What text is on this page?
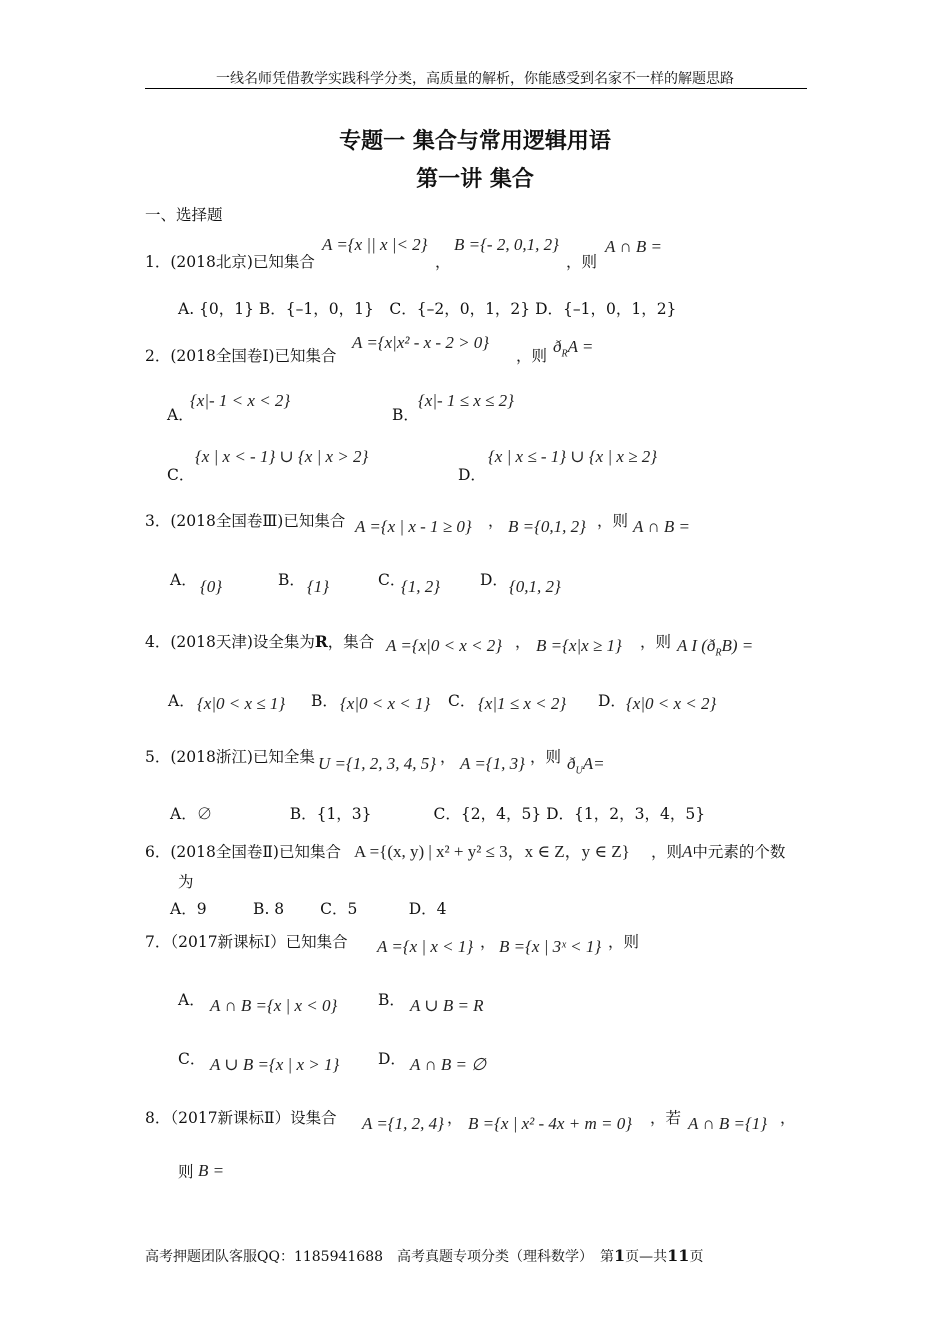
一线名师凭借教学实践科学分类，高质量的解析，你能感受到名家不一样的解题思路
专题一 集合与常用逻辑用语
第一讲 集合
一、选择题
1．(2018北京)已知集合
A ={x || x |< 2}
，
B ={- 2, 0,1, 2}
，则
A ∩ B =
A. {0，1} B．{–1，0，1}　C．{–2，0，1，2} D．{–1，0，1，2}
2．(2018全国卷Ⅰ)已知集合
A ={x|x² - x - 2 > 0}
，则 $ð_RA$ =
A．
{x|- 1 < x < 2}
B．
{x|- 1 ≤ x ≤ 2}
C．
{x | x < - 1} ∪ {x | x > 2}
D．
{x | x ≤ - 1} ∪ {x | x ≥ 2}
3．(2018全国卷Ⅲ)已知集合 A ={x | x - 1 ≥ 0} ， B ={0,1, 2} ，则 A ∩ B =
A． {0}	B． {1}	C．
{1, 2}	D． {0,1, 2}
4．(2018天津)设全集为R，集合 A ={x|0 < x < 2} ， B ={x|x ≥ 1} ，则 A I $(ð_RB)$ =
A． {x|0 < x ≤ 1} B． {x|0 < x < 1} C． {x|1 ≤ x < 2} D． {x|0 < x < 2}
5．(2018浙江)已知全集 U ={1, 2, 3, 4, 5} ， A ={1, 3} ，则 $ð_UA=$
A．∅　　　　　B．{1，3}　　　　C．{2，4，5} D．{1，2，3，4，5}
6．(2018全国卷Ⅱ)已知集合 A ={(x, y) | x² + y² ≤ 3，x ∈ Z，y ∈ Z} ，则A中元素的个数
为
A．9　　　B. 8　　 C．5　　　 D．4
7．（2017新课标Ⅰ）已知集合 A ={x | x < 1} ， B ={x | 3ˣ < 1} ，则
A． A ∩ B ={x | x < 0}	B． A ∪ B = R
C． A ∪ B ={x | x > 1} D． A ∩ B = ∅
8．（2017新课标Ⅱ）设集合 A ={1, 2, 4} ， B ={x | x² - 4x + m = 0} ，若 A ∩ B ={1} ，
则 B =
高考押题团队客服QQ：1185941688　高考真题专项分类（理科数学）　第1页—共11页
